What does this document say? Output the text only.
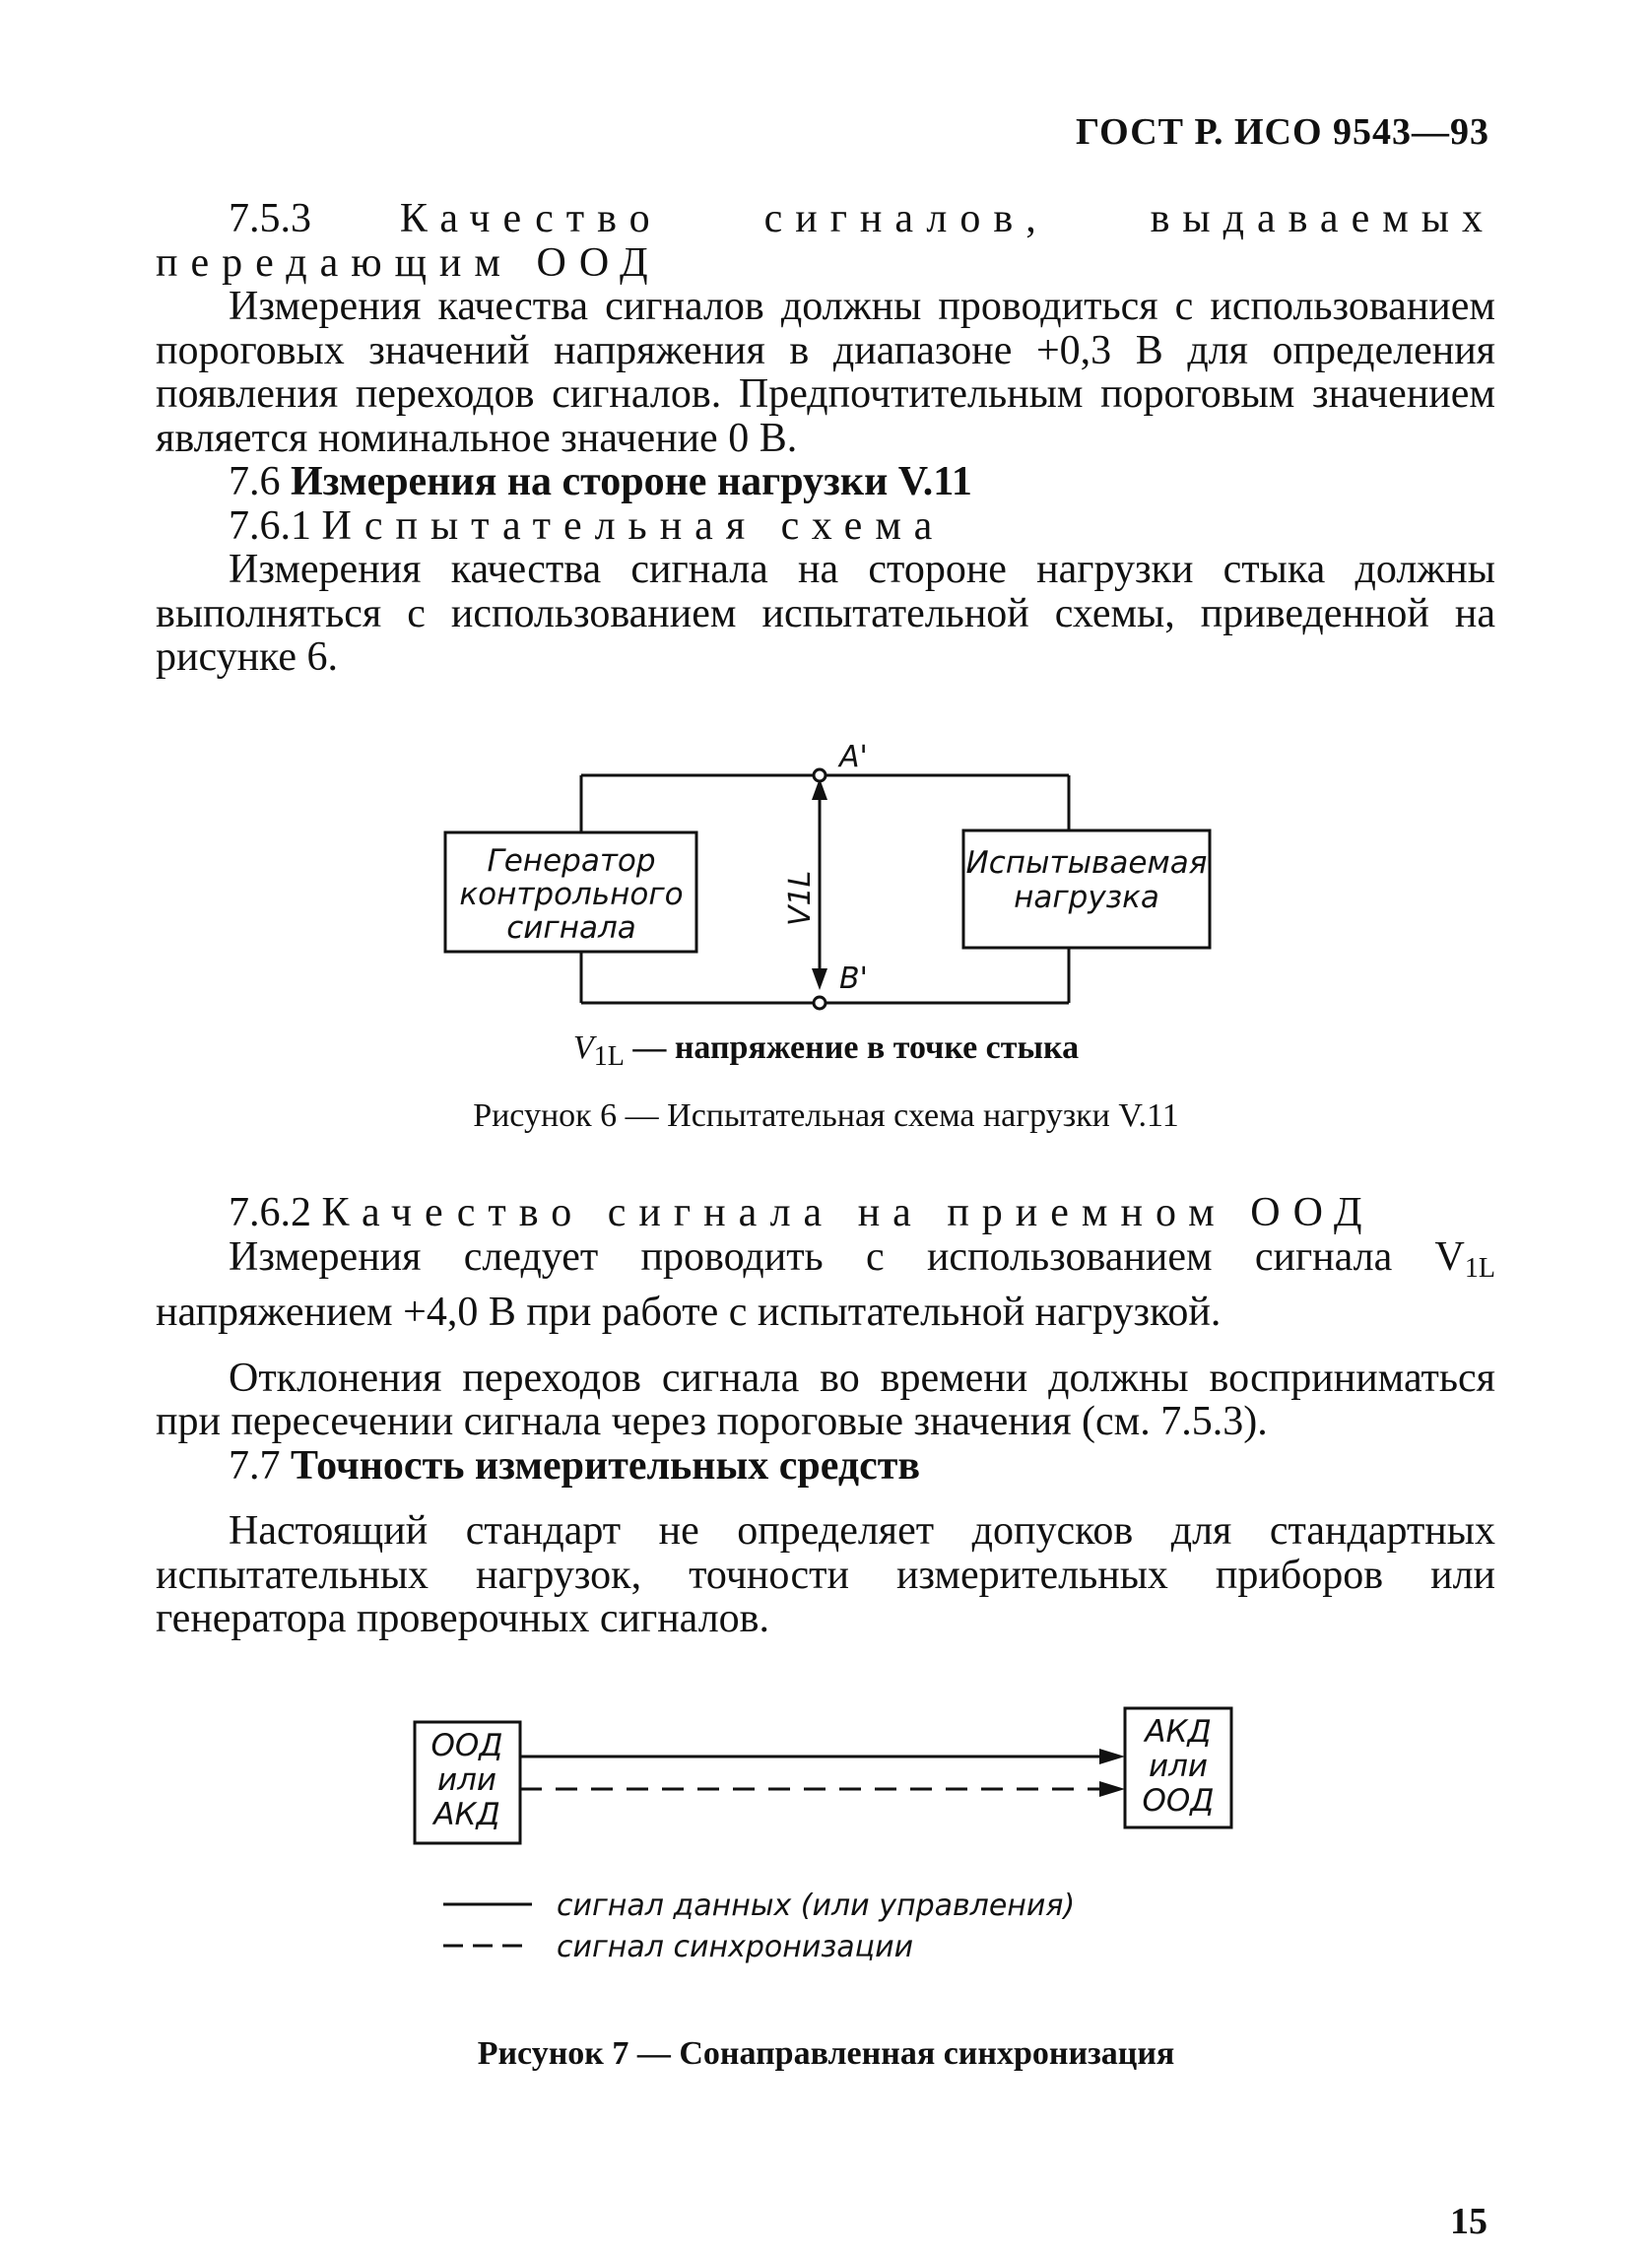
ГОСТ Р. ИСО 9543—93

7.5.3 Качество сигналов, выдаваемых передающим ООД

Измерения качества сигналов должны проводиться с использованием пороговых значений напряжения в диапазоне +0,3 В для определения появления переходов сигналов. Предпочтительным пороговым значением является номинальное значение 0 В.

7.6 Измерения на стороне нагрузки V.11

7.6.1 Испытательная схема

Измерения качества сигнала на стороне нагрузки стыка должны выполняться с использованием испытательной схемы, приведенной на рисунке 6.

Генератор
контрольного
сигнала
Испытываемая
нагрузка
A'
B'
V1L
$V_{1L}$ — напряжение в точке стыка
Рисунок 6 — Испытательная схема нагрузки V.11

7.6.2 Качество сигнала на приемном ООД

Измерения следует проводить с использованием сигнала $V_{1L}$ напряжением +4,0 В при работе с испытательной нагрузкой.

Отклонения переходов сигнала во времени должны восприниматься при пересечении сигнала через пороговые значения (см. 7.5.3).

7.7 Точность измерительных средств

Настоящий стандарт не определяет допусков для стандартных испытательных нагрузок, точности измерительных приборов или генератора проверочных сигналов.

ООД
или
АКД
АКД
или
ООД
сигнал данных (или управления)
сигнал синхронизации
Рисунок 7 — Сонаправленная синхронизация
15
